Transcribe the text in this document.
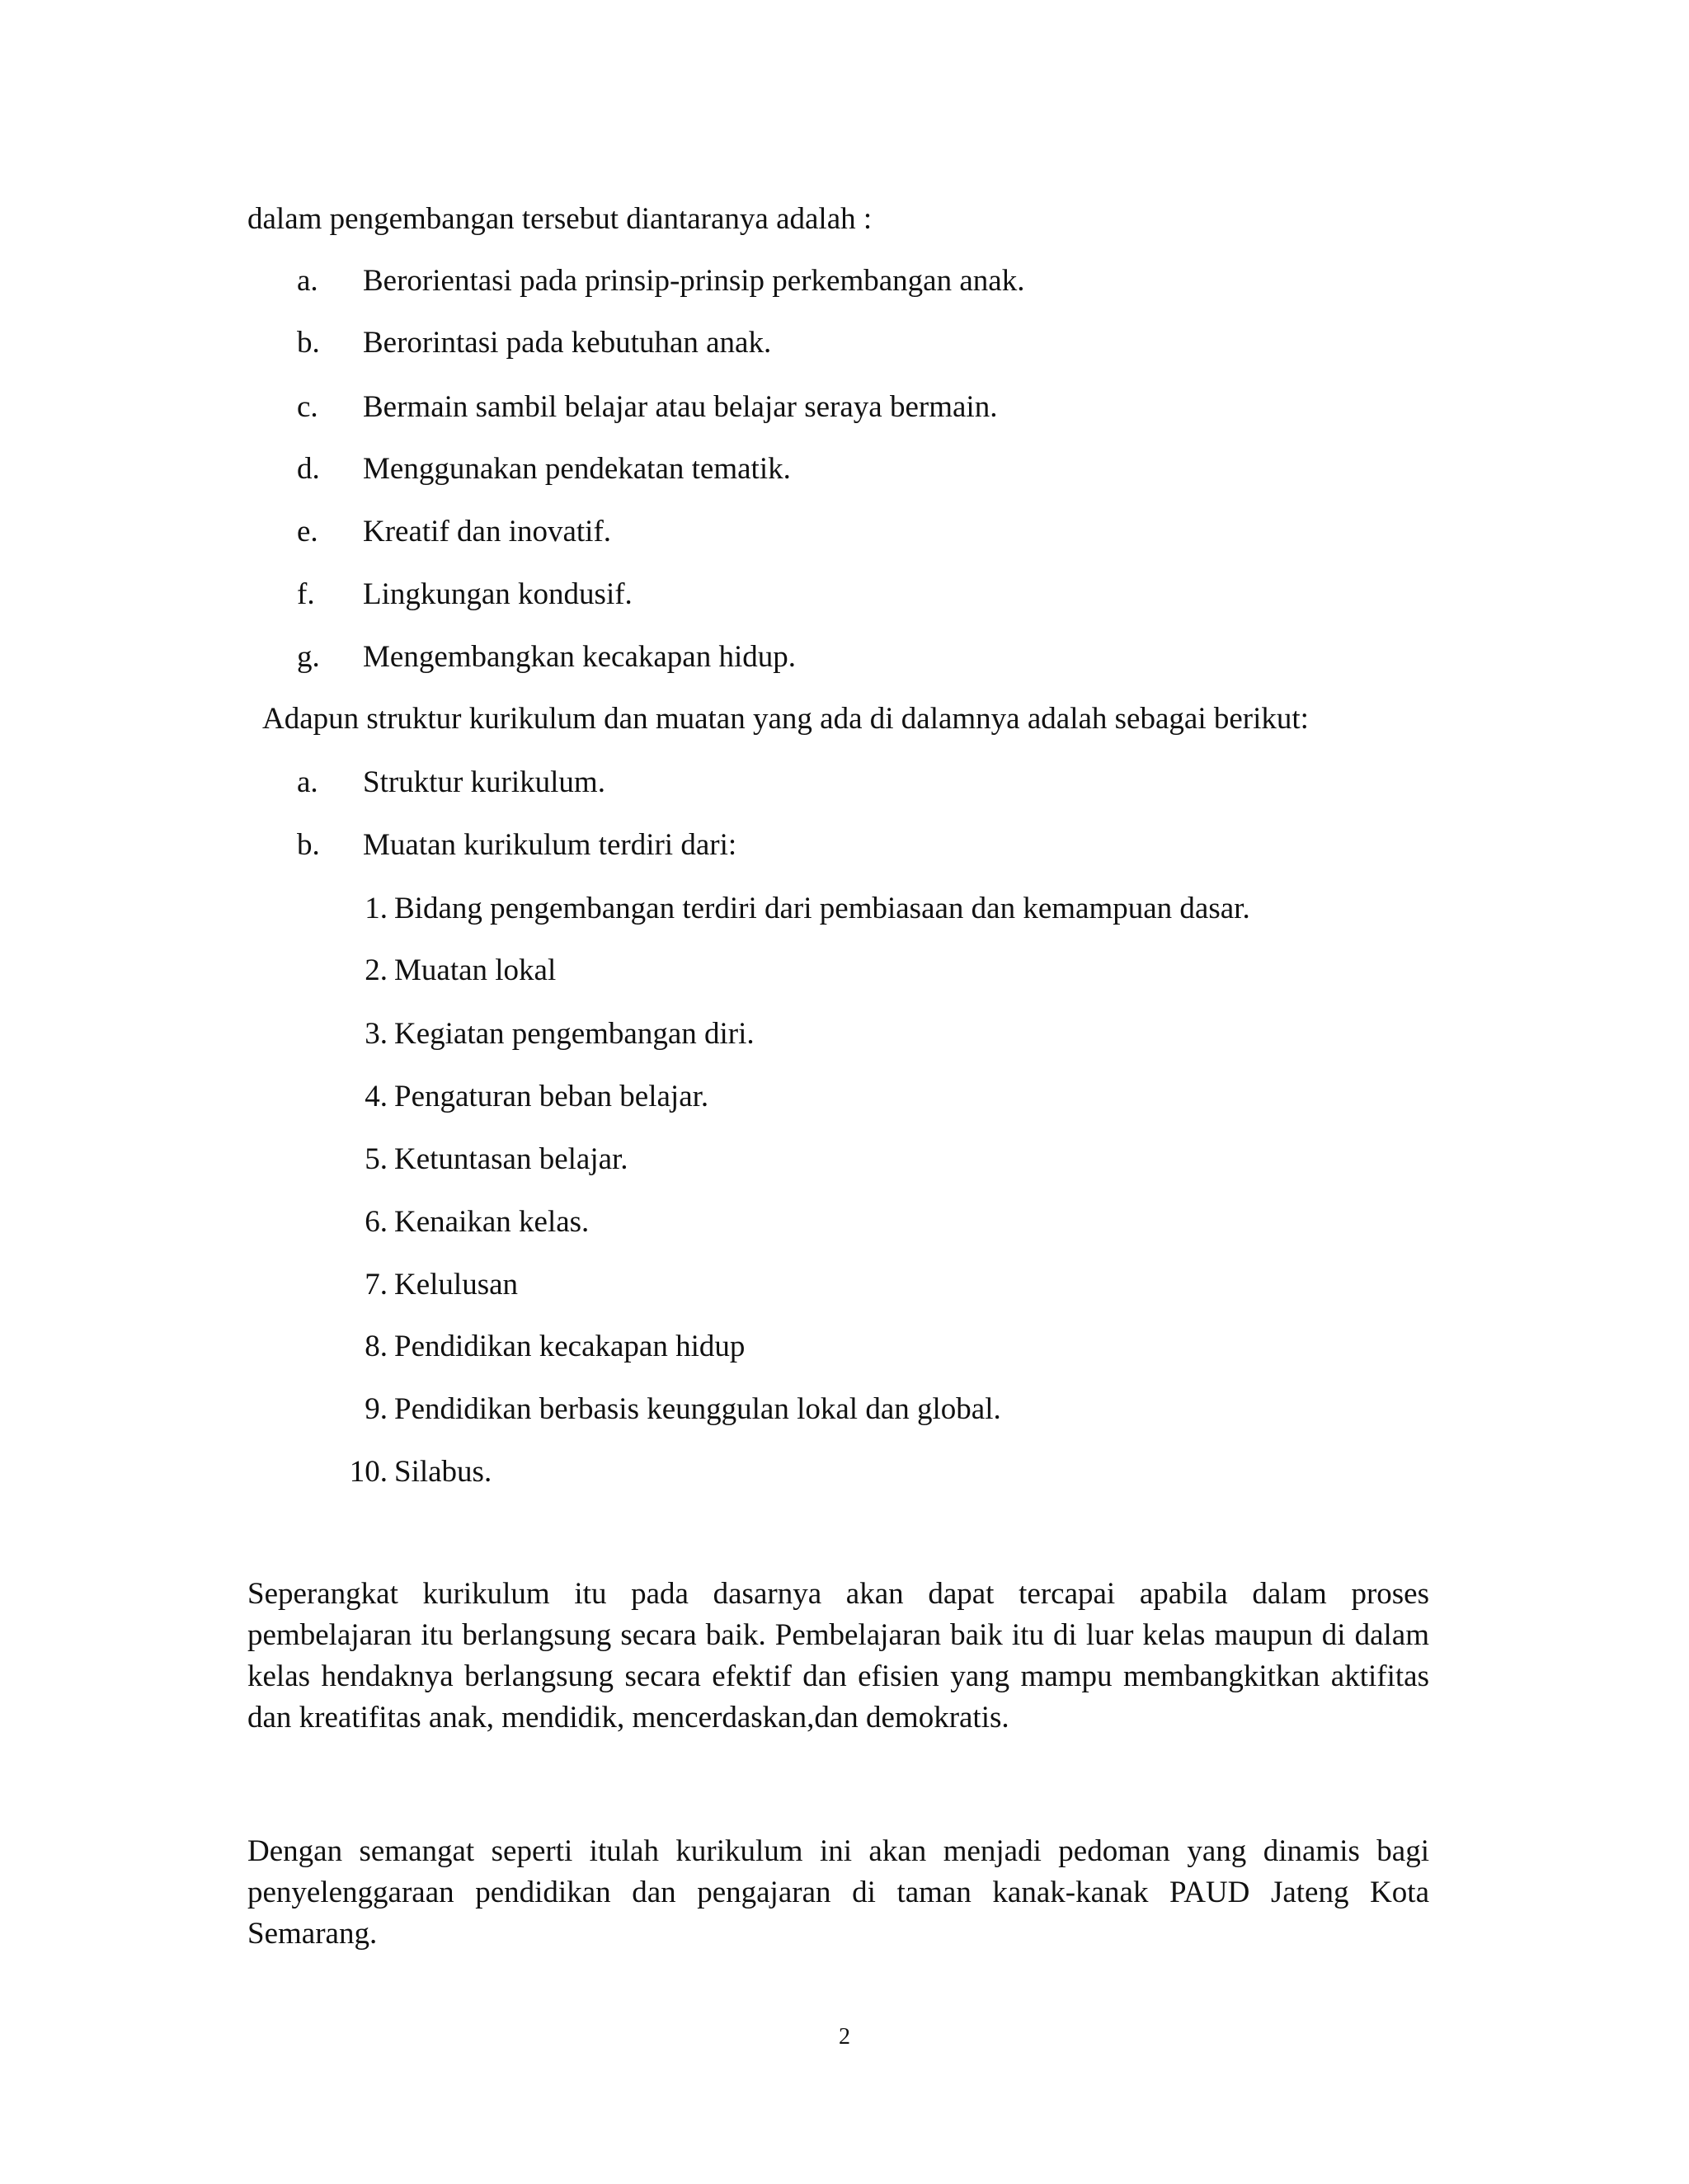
dalam pengembangan tersebut diantaranya adalah :
a.	Berorientasi pada prinsip-prinsip perkembangan anak.
b.	Berorintasi pada kebutuhan anak.
c.	Bermain sambil belajar atau belajar seraya bermain.
d.	Menggunakan pendekatan tematik.
e.	Kreatif dan inovatif.
f.	Lingkungan kondusif.
g.	Mengembangkan kecakapan hidup.
Adapun struktur kurikulum dan muatan yang ada di dalamnya adalah sebagai berikut:
a.	Struktur kurikulum.
b.	Muatan kurikulum terdiri dari:
1. Bidang pengembangan terdiri dari pembiasaan dan kemampuan dasar.
2. Muatan lokal
3. Kegiatan pengembangan diri.
4. Pengaturan beban belajar.
5. Ketuntasan belajar.
6. Kenaikan kelas.
7. Kelulusan
8. Pendidikan kecakapan hidup
9. Pendidikan berbasis keunggulan lokal dan global.
10. Silabus.

Seperangkat kurikulum itu pada dasarnya akan dapat tercapai apabila dalam proses pembelajaran itu berlangsung secara baik. Pembelajaran baik itu di luar kelas maupun di dalam kelas hendaknya berlangsung secara efektif dan efisien yang mampu membangkitkan aktifitas dan kreatifitas anak, mendidik, mencerdaskan,dan demokratis.

Dengan semangat seperti itulah kurikulum ini akan menjadi pedoman yang dinamis bagi penyelenggaraan pendidikan dan pengajaran di taman kanak-kanak PAUD Jateng Kota Semarang.

2
